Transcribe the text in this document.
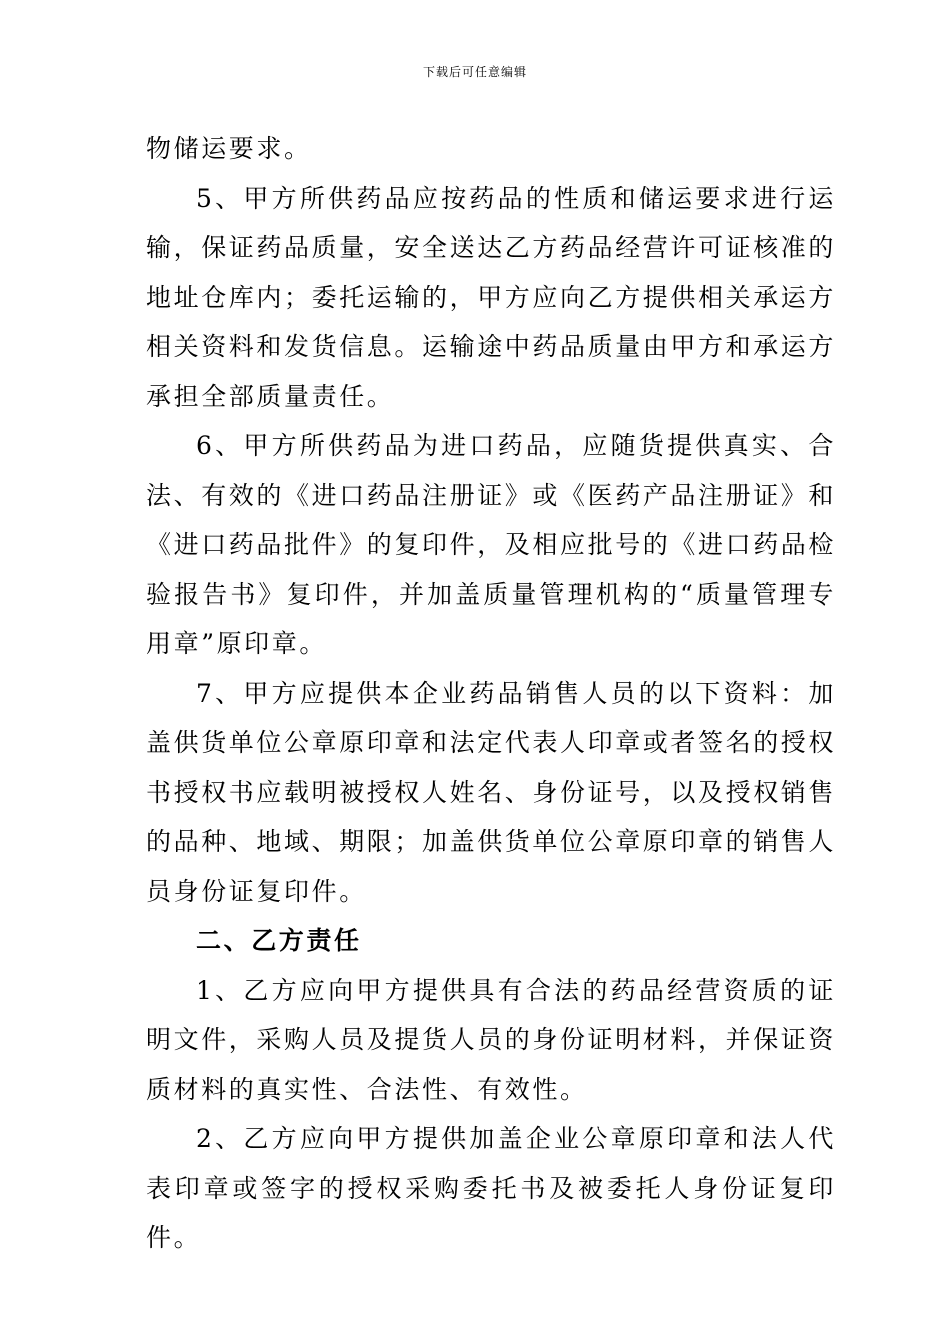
下载后可任意编辑

物储运要求。

5、甲方所供药品应按药品的性质和储运要求进行运输，保证药品质量，安全送达乙方药品经营许可证核准的地址仓库内；委托运输的，甲方应向乙方提供相关承运方相关资料和发货信息。运输途中药品质量由甲方和承运方承担全部质量责任。

6、甲方所供药品为进口药品，应随货提供真实、合法、有效的《进口药品注册证》或《医药产品注册证》和《进口药品批件》的复印件，及相应批号的《进口药品检验报告书》复印件，并加盖质量管理机构的“质量管理专用章”原印章。

7、甲方应提供本企业药品销售人员的以下资料：加盖供货单位公章原印章和法定代表人印章或者签名的授权书授权书应载明被授权人姓名、身份证号，以及授权销售的品种、地域、期限；加盖供货单位公章原印章的销售人员身份证复印件。

二、乙方责任

1、乙方应向甲方提供具有合法的药品经营资质的证明文件，采购人员及提货人员的身份证明材料，并保证资质材料的真实性、合法性、有效性。

2、乙方应向甲方提供加盖企业公章原印章和法人代表印章或签字的授权采购委托书及被委托人身份证复印件。
